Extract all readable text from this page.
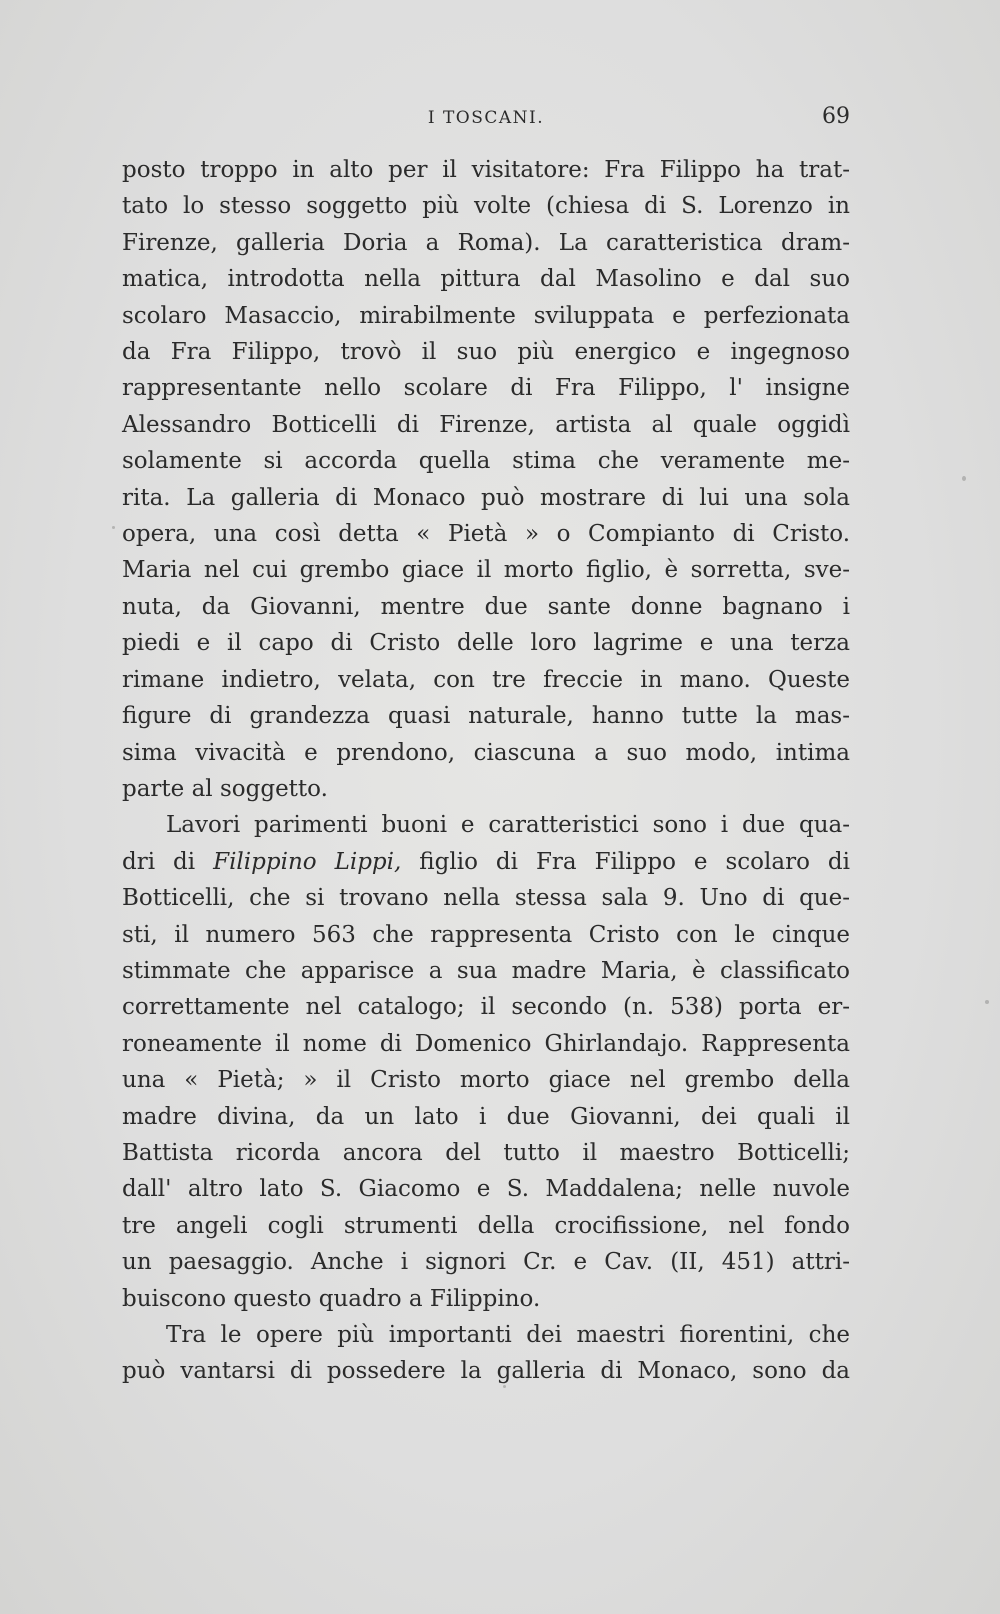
I TOSCANI.	69

posto troppo in alto per il visitatore: Fra Filippo ha trat-
tato lo stesso soggetto più volte (chiesa di S. Lorenzo in
Firenze, galleria Doria a Roma). La caratteristica dram-
matica, introdotta nella pittura dal Masolino e dal suo
scolaro Masaccio, mirabilmente sviluppata e perfezionata
da Fra Filippo, trovò il suo più energico e ingegnoso
rappresentante nello scolare di Fra Filippo, l' insigne
Alessandro Botticelli di Firenze, artista al quale oggidì
solamente si accorda quella stima che veramente me-
rita. La galleria di Monaco può mostrare di lui una sola
opera, una così detta « Pietà » o Compianto di Cristo.
Maria nel cui grembo giace il morto figlio, è sorretta, sve-
nuta, da Giovanni, mentre due sante donne bagnano i
piedi e il capo di Cristo delle loro lagrime e una terza
rimane indietro, velata, con tre freccie in mano. Queste
figure di grandezza quasi naturale, hanno tutte la mas-
sima vivacità e prendono, ciascuna a suo modo, intima
parte al soggetto.

Lavori parimenti buoni e caratteristici sono i due qua-
dri di Filippino Lippi, figlio di Fra Filippo e scolaro di
Botticelli, che si trovano nella stessa sala 9. Uno di que-
sti, il numero 563 che rappresenta Cristo con le cinque
stimmate che apparisce a sua madre Maria, è classificato
correttamente nel catalogo; il secondo (n. 538) porta er-
roneamente il nome di Domenico Ghirlandajo. Rappresenta
una « Pietà; » il Cristo morto giace nel grembo della
madre divina, da un lato i due Giovanni, dei quali il
Battista ricorda ancora del tutto il maestro Botticelli;
dall' altro lato S. Giacomo e S. Maddalena; nelle nuvole
tre angeli cogli strumenti della crocifissione, nel fondo
un paesaggio. Anche i signori Cr. e Cav. (II, 451) attri-
buiscono questo quadro a Filippino.

Tra le opere più importanti dei maestri fiorentini, che
può vantarsi di possedere la galleria di Monaco, sono da
